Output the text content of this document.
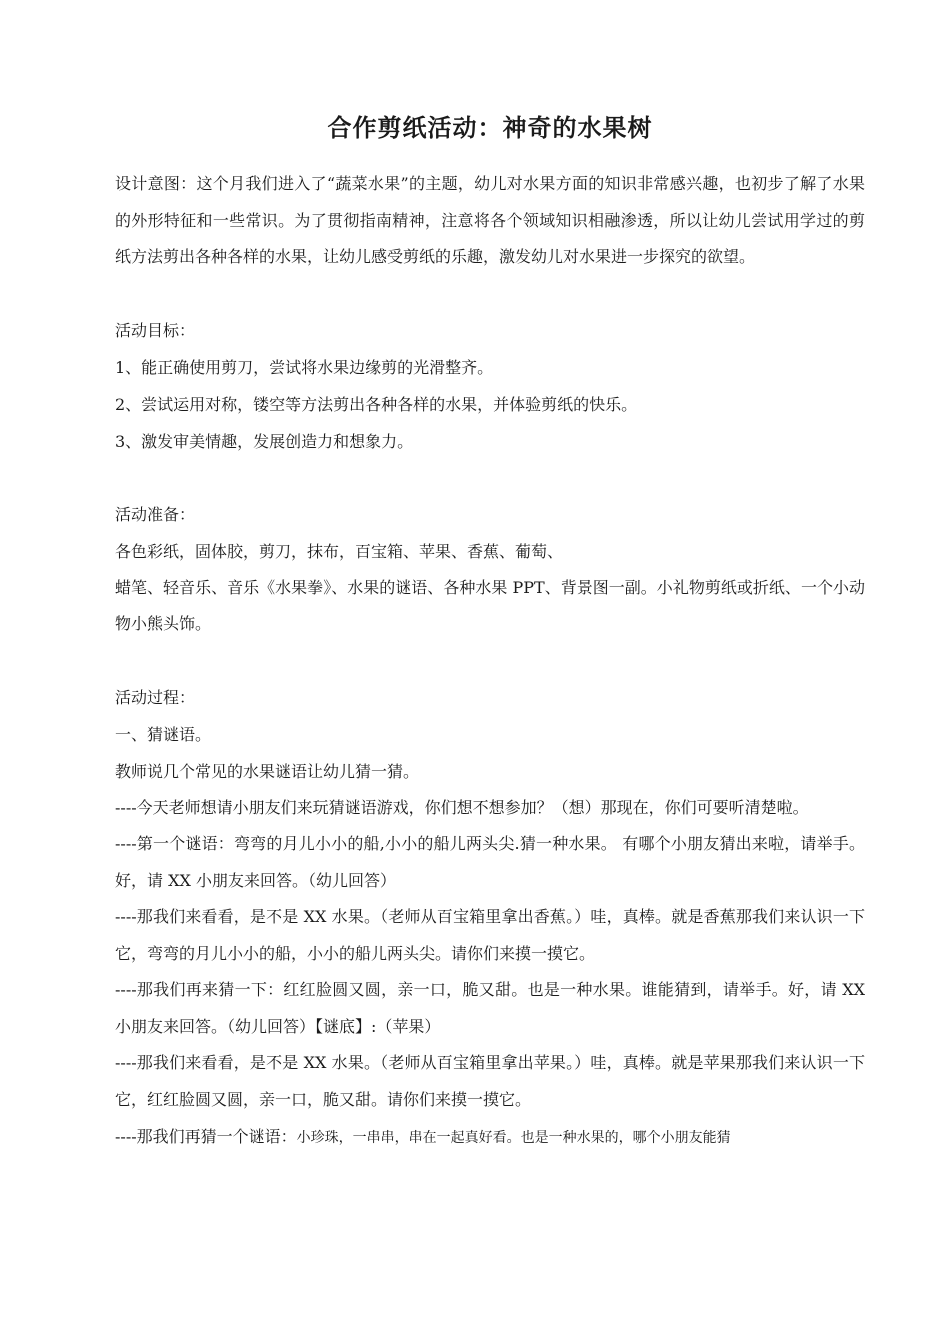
合作剪纸活动：神奇的水果树

设计意图：这个月我们进入了“蔬菜水果”的主题，幼儿对水果方面的知识非常感兴趣，也初步了解了水果的外形特征和一些常识。为了贯彻指南精神，注意将各个领域知识相融渗透，所以让幼儿尝试用学过的剪纸方法剪出各种各样的水果，让幼儿感受剪纸的乐趣，激发幼儿对水果进一步探究的欲望。

活动目标：

1、能正确使用剪刀，尝试将水果边缘剪的光滑整齐。

2、尝试运用对称，镂空等方法剪出各种各样的水果，并体验剪纸的快乐。

3、激发审美情趣，发展创造力和想象力。

活动准备：

各色彩纸，固体胶，剪刀，抹布，百宝箱、苹果、香蕉、葡萄、

蜡笔、轻音乐、音乐《水果拳》、水果的谜语、各种水果 PPT、背景图一副。小礼物剪纸或折纸、一个小动物小熊头饰。

活动过程：

一、猜谜语。

教师说几个常见的水果谜语让幼儿猜一猜。

----今天老师想请小朋友们来玩猜谜语游戏，你们想不想参加？（想）那现在，你们可要听清楚啦。

----第一个谜语：弯弯的月儿小小的船,小小的船儿两头尖.猜一种水果。 有哪个小朋友猜出来啦，请举手。好，请 XX 小朋友来回答。（幼儿回答）

----那我们来看看，是不是 XX 水果。（老师从百宝箱里拿出香蕉。）哇，真棒。就是香蕉那我们来认识一下它，弯弯的月儿小小的船，小小的船儿两头尖。请你们来摸一摸它。

----那我们再来猜一下：红红脸圆又圆，亲一口，脆又甜。也是一种水果。谁能猜到，请举手。好，请 XX 小朋友来回答。（幼儿回答）【谜底】:（苹果）

----那我们来看看，是不是 XX 水果。（老师从百宝箱里拿出苹果。）哇，真棒。就是苹果那我们来认识一下它，红红脸圆又圆，亲一口，脆又甜。请你们来摸一摸它。

----那我们再猜一个谜语：小珍珠，一串串，串在一起真好看。也是一种水果的，哪个小朋友能猜
